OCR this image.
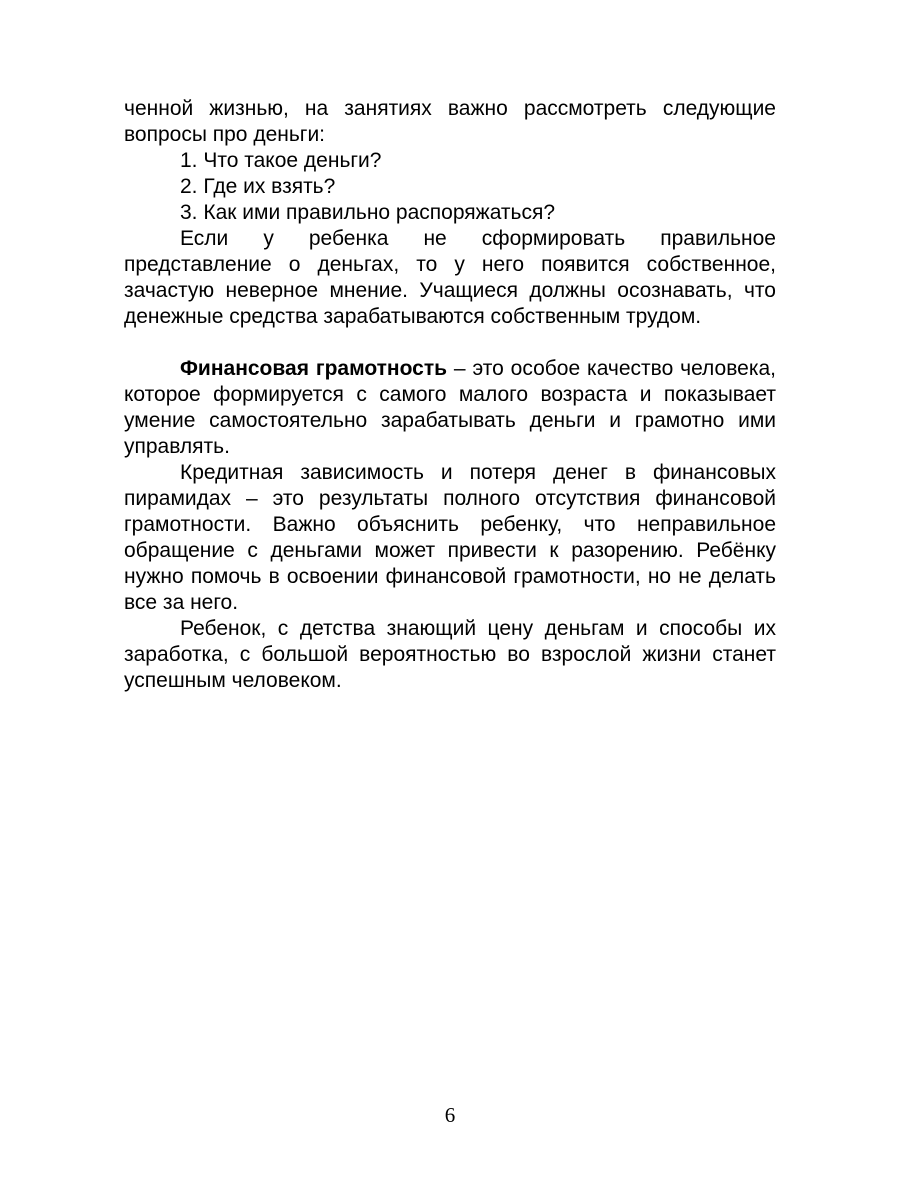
ченной жизнью, на занятиях важно рассмотреть следующие вопросы про деньги:

1. Что такое деньги?
2. Где их взять?
3. Как ими правильно распоряжаться?

Если у ребенка не сформировать правильное представление о деньгах, то у него появится собственное, зачастую неверное мнение. Учащиеся должны осознавать, что денежные средства зарабатываются собственным трудом.

Финансовая грамотность – это особое качество человека, которое формируется с самого малого возраста и показывает умение самостоятельно зарабатывать деньги и грамотно ими управлять.

Кредитная зависимость и потеря денег в финансовых пирамидах – это результаты полного отсутствия финансовой грамотности. Важно объяснить ребенку, что неправильное обращение с деньгами может привести к разорению. Ребёнку нужно помочь в освоении финансовой грамотности, но не делать все за него.

Ребенок, с детства знающий цену деньгам и способы их заработка, с большой вероятностью во взрослой жизни станет успешным человеком.

6
